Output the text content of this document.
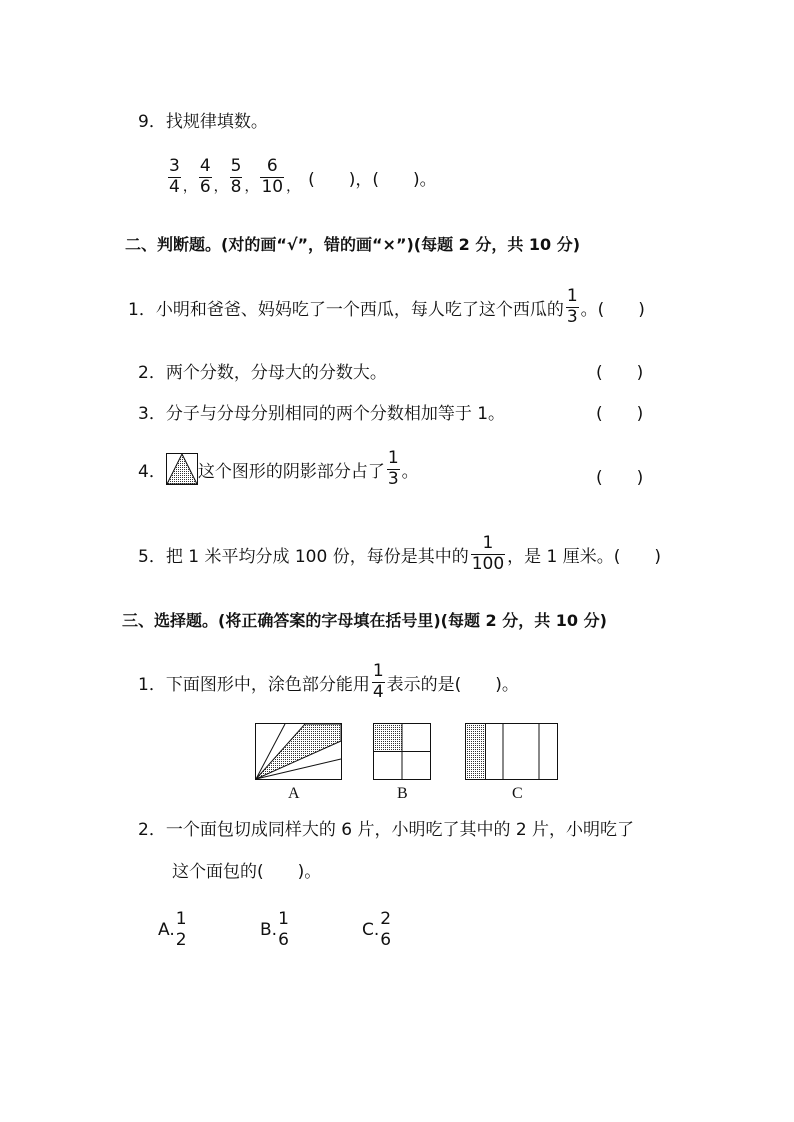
9．找规律填数。
$\frac{3}{4}$ ， $\frac{4}{6}$ ， $\frac{5}{8}$ ， $\frac{6}{10}$ ， (　　)，(　　)。
二、判断题。(对的画“√”，错的画“×”)(每题 2 分，共 10 分)
1．小明和爸爸、妈妈吃了一个西瓜，每人吃了这个西瓜的 $\frac{1}{3}$ 。(　　)
2．两个分数，分母大的分数大。	(　　)
3．分子与分母分别相同的两个分数相加等于 1。	(　　)
4． 这个图形的阴影部分占了 $\frac{1}{3}$ 。	(　　)
5．把 1 米平均分成 100 份，每份是其中的 $\frac{1}{100}$ ，是 1 厘米。(　　)
三、选择题。(将正确答案的字母填在括号里)(每题 2 分，共 10 分)
1．下面图形中，涂色部分能用 $\frac{1}{4}$ 表示的是(　　)。
A	B	C
2．一个面包切成同样大的 6 片，小明吃了其中的 2 片，小明吃了
这个面包的(　　)。
A.
1
2	B.
1
6	C.
2
6
